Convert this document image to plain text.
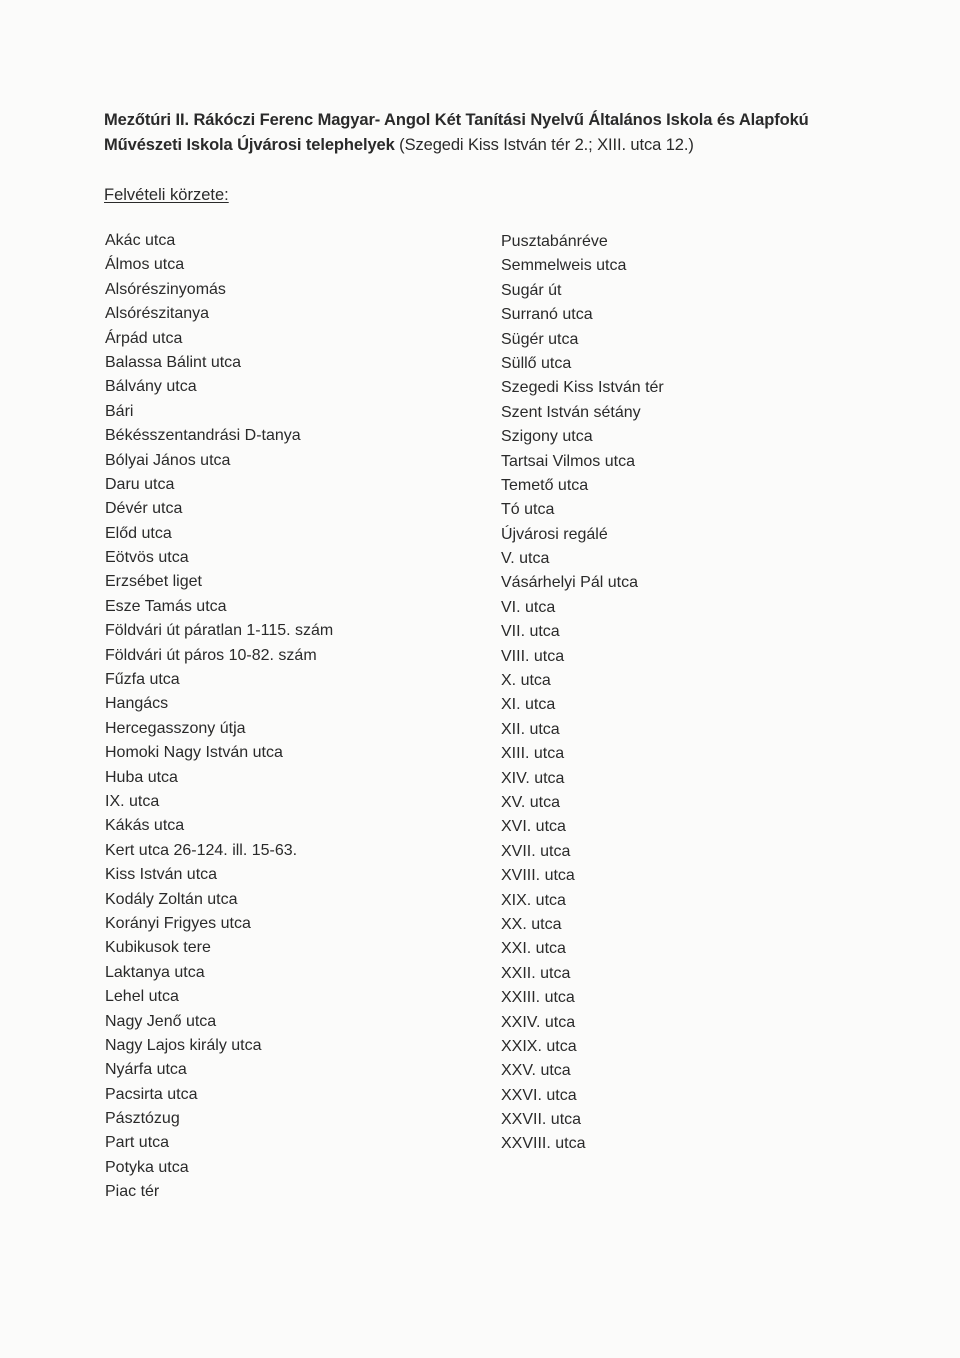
Mezőtúri II. Rákóczi Ferenc Magyar- Angol Két Tanítási Nyelvű Általános Iskola és Alapfokú Művészeti Iskola Újvárosi telephelyek (Szegedi Kiss István tér 2.; XIII. utca 12.)
Felvételi körzete:
Akác utca
Álmos utca
Alsórészinyomás
Alsórészitanya
Árpád utca
Balassa Bálint utca
Bálvány utca
Bári
Békésszentandrási D-tanya
Bólyai János utca
Daru utca
Dévér utca
Előd utca
Eötvös utca
Erzsébet liget
Esze Tamás utca
Földvári út páratlan 1-115. szám
Földvári út páros 10-82. szám
Fűzfa utca
Hangács
Hercegasszony útja
Homoki Nagy István utca
Huba utca
IX. utca
Kákás utca
Kert utca 26-124. ill. 15-63.
Kiss István utca
Kodály Zoltán utca
Korányi Frigyes utca
Kubikusok tere
Laktanya utca
Lehel utca
Nagy Jenő utca
Nagy Lajos király utca
Nyárfa utca
Pacsirta utca
Pásztózug
Part utca
Potyka utca
Piac tér
Pusztabánréve
Semmelweis utca
Sugár út
Surranó utca
Sügér utca
Süllő utca
Szegedi Kiss István tér
Szent István sétány
Szigony utca
Tartsai Vilmos utca
Temető utca
Tó utca
Újvárosi regálé
V. utca
Vásárhelyi Pál utca
VI. utca
VII. utca
VIII. utca
X. utca
XI. utca
XII. utca
XIII. utca
XIV. utca
XV. utca
XVI. utca
XVII. utca
XVIII. utca
XIX. utca
XX. utca
XXI. utca
XXII. utca
XXIII. utca
XXIV. utca
XXIX. utca
XXV. utca
XXVI. utca
XXVII. utca
XXVIII. utca
